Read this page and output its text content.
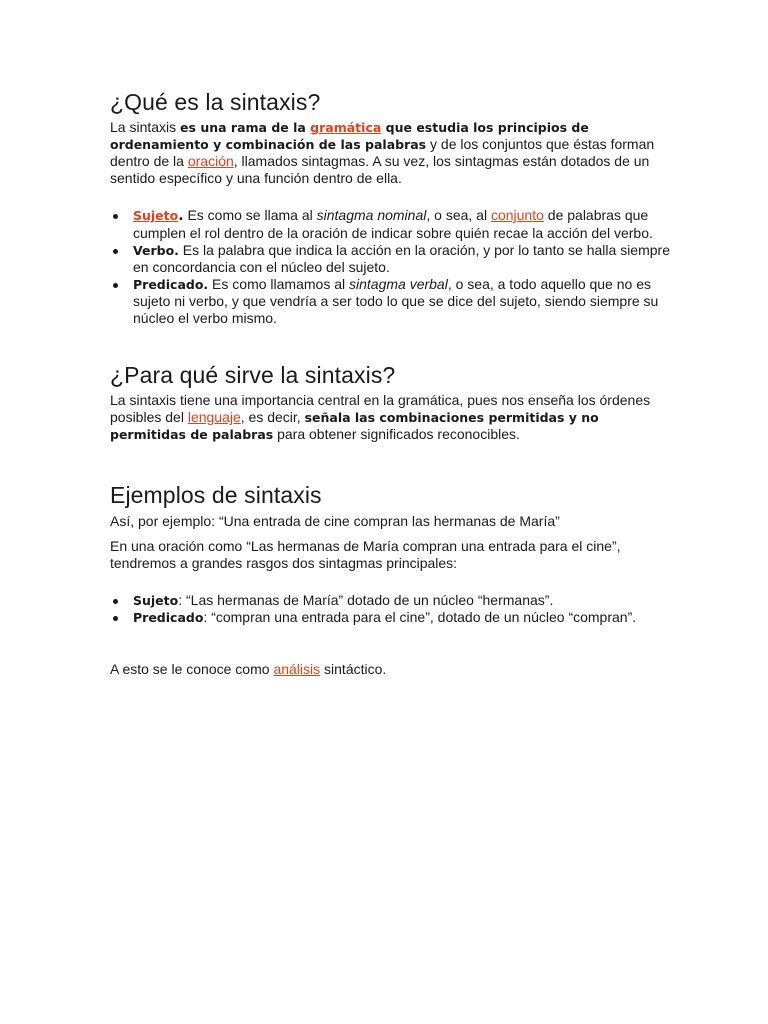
¿Qué es la sintaxis?

La sintaxis es una rama de la gramática que estudia los principios de ordenamiento y combinación de las palabras y de los conjuntos que éstas forman dentro de la oración, llamados sintagmas. A su vez, los sintagmas están dotados de un sentido específico y una función dentro de ella.

Sujeto. Es como se llama al sintagma nominal, o sea, al conjunto de palabras que cumplen el rol dentro de la oración de indicar sobre quién recae la acción del verbo.
Verbo. Es la palabra que indica la acción en la oración, y por lo tanto se halla siempre en concordancia con el núcleo del sujeto.
Predicado. Es como llamamos al sintagma verbal, o sea, a todo aquello que no es sujeto ni verbo, y que vendría a ser todo lo que se dice del sujeto, siendo siempre su núcleo el verbo mismo.
¿Para qué sirve la sintaxis?

La sintaxis tiene una importancia central en la gramática, pues nos enseña los órdenes posibles del lenguaje, es decir, señala las combinaciones permitidas y no permitidas de palabras para obtener significados reconocibles.

Ejemplos de sintaxis

Así, por ejemplo: “Una entrada de cine compran las hermanas de María”

En una oración como “Las hermanas de María compran una entrada para el cine”, tendremos a grandes rasgos dos sintagmas principales:

Sujeto: “Las hermanas de María” dotado de un núcleo “hermanas”.
Predicado: “compran una entrada para el cine”, dotado de un núcleo “compran”.

A esto se le conoce como análisis sintáctico.
